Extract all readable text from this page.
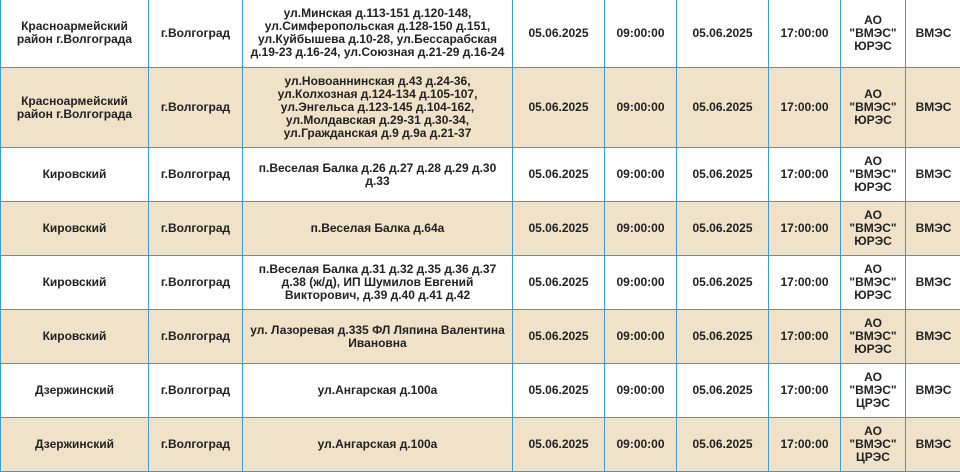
Красноармейский район г.Волгограда	г.Волгоград	ул.Минская д.113-151 д.120-148, ул.Симферопольская д.128-150 д.151, ул.Куйбышева д.10-28, ул.Бессарабская д.19-23 д.16-24, ул.Союзная д.21-29 д.16-24	05.06.2025	09:00:00	05.06.2025	17:00:00	АО "ВМЭС" ЮРЭС	ВМЭС
Красноармейский район г.Волгограда	г.Волгоград	ул.Новоаннинская д.43 д.24-36, ул.Колхозная д.124-134 д.105-107, ул.Энгельса д.123-145 д.104-162, ул.Молдавская д.29-31 д.30-34, ул.Гражданская д.9 д.9а д.21-37	05.06.2025	09:00:00	05.06.2025	17:00:00	АО "ВМЭС" ЮРЭС	ВМЭС
Кировский	г.Волгоград	п.Веселая Балка д.26 д.27 д.28 д.29 д.30 д.33	05.06.2025	09:00:00	05.06.2025	17:00:00	АО "ВМЭС" ЮРЭС	ВМЭС
Кировский	г.Волгоград	п.Веселая Балка д.64а	05.06.2025	09:00:00	05.06.2025	17:00:00	АО "ВМЭС" ЮРЭС	ВМЭС
Кировский	г.Волгоград	п.Веселая Балка д.31 д.32 д.35 д.36 д.37 д.38 (ж/д), ИП Шумилов Евгений Викторович, д.39 д.40 д.41 д.42	05.06.2025	09:00:00	05.06.2025	17:00:00	АО "ВМЭС" ЮРЭС	ВМЭС
Кировский	г.Волгоград	ул. Лазоревая д.335 ФЛ Ляпина Валентина Ивановна	05.06.2025	09:00:00	05.06.2025	17:00:00	АО "ВМЭС" ЮРЭС	ВМЭС
Дзержинский	г.Волгоград	ул.Ангарская д.100а	05.06.2025	09:00:00	05.06.2025	17:00:00	АО "ВМЭС" ЦРЭС	ВМЭС
Дзержинский	г.Волгоград	ул.Ангарская д.100а	05.06.2025	09:00:00	05.06.2025	17:00:00	АО "ВМЭС" ЦРЭС	ВМЭС
